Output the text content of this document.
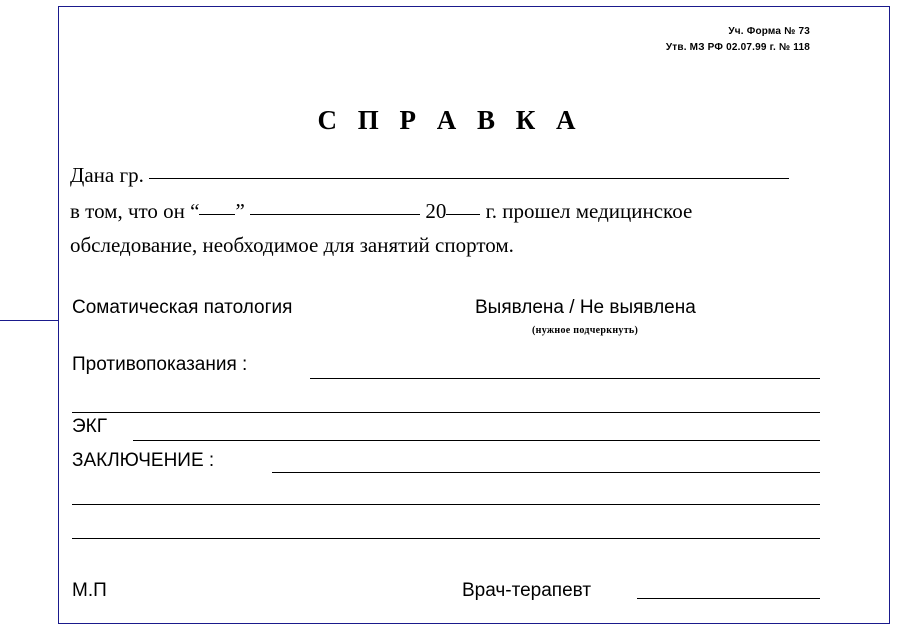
Уч. Форма № 73
Утв. МЗ РФ 02.07.99 г. № 118
С П Р А В К А
Дана гр.
в том, что он “ ”	20 г. прошел медицинское
обследование, необходимое для занятий спортом.
Соматическая патология	Выявлена / Не выявлена
(нужное подчеркнуть)
Противопоказания :
ЭКГ
ЗАКЛЮЧЕНИЕ :
М.П	Врач-терапевт
